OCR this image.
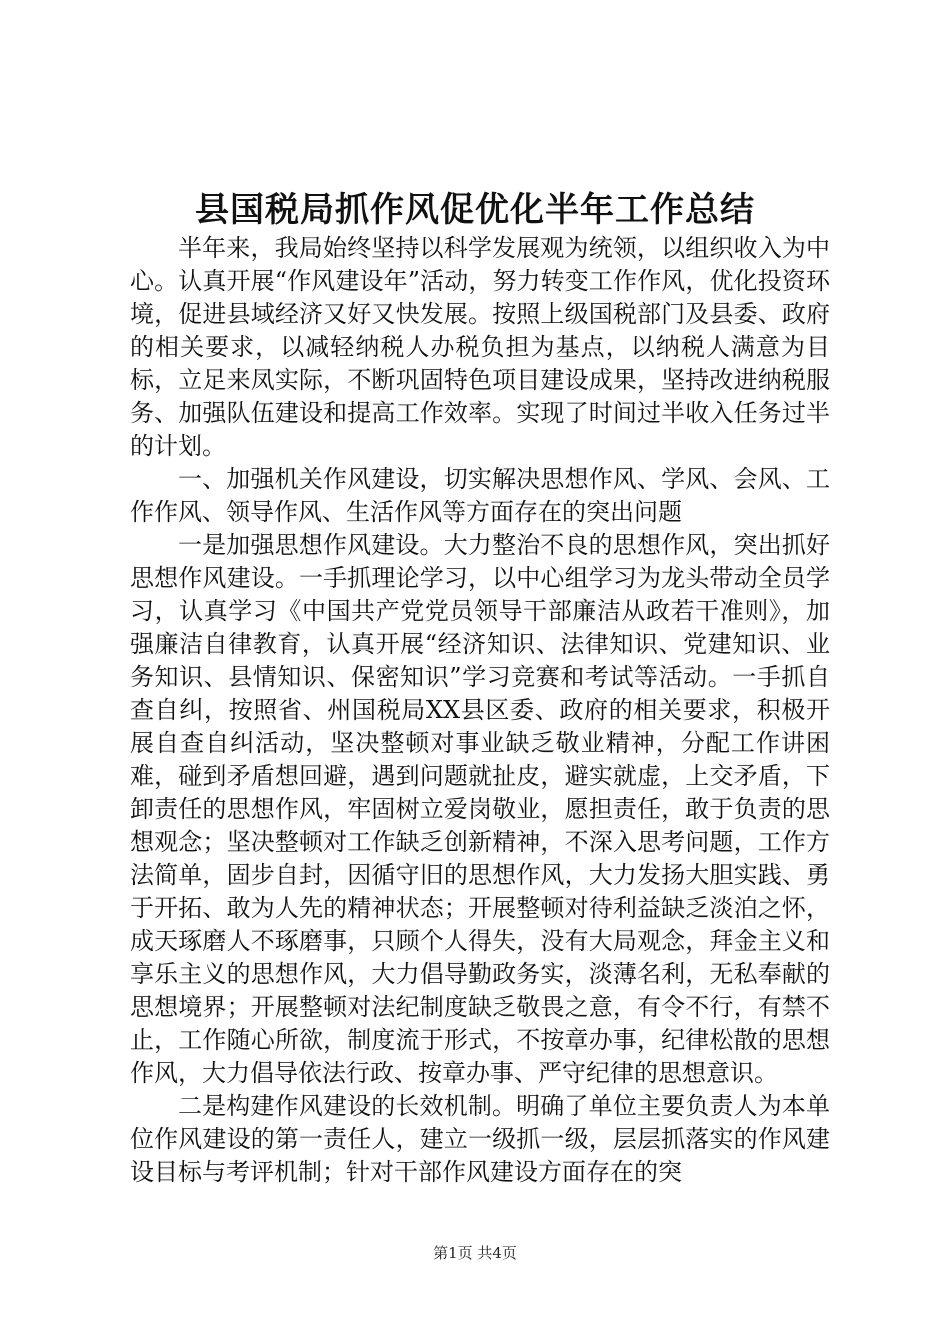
县国税局抓作风促优化半年工作总结

半年来，我局始终坚持以科学发展观为统领，以组织收入为中心。认真开展“作风建设年”活动，努力转变工作作风，优化投资环境，促进县域经济又好又快发展。按照上级国税部门及县委、政府的相关要求，以减轻纳税人办税负担为基点，以纳税人满意为目标，立足来凤实际，不断巩固特色项目建设成果，坚持改进纳税服务、加强队伍建设和提高工作效率。实现了时间过半收入任务过半的计划。

一、加强机关作风建设，切实解决思想作风、学风、会风、工作作风、领导作风、生活作风等方面存在的突出问题

一是加强思想作风建设。大力整治不良的思想作风，突出抓好思想作风建设。一手抓理论学习，以中心组学习为龙头带动全员学习，认真学习《中国共产党党员领导干部廉洁从政若干准则》，加强廉洁自律教育，认真开展“经济知识、法律知识、党建知识、业务知识、县情知识、保密知识”学习竞赛和考试等活动。一手抓自查自纠，按照省、州国税局XX县区委、政府的相关要求，积极开展自查自纠活动，坚决整顿对事业缺乏敬业精神，分配工作讲困难，碰到矛盾想回避，遇到问题就扯皮，避实就虚，上交矛盾，下卸责任的思想作风，牢固树立爱岗敬业，愿担责任，敢于负责的思想观念；坚决整顿对工作缺乏创新精神，不深入思考问题，工作方法简单，固步自封，因循守旧的思想作风，大力发扬大胆实践、勇于开拓、敢为人先的精神状态；开展整顿对待利益缺乏淡泊之怀，成天琢磨人不琢磨事，只顾个人得失，没有大局观念，拜金主义和享乐主义的思想作风，大力倡导勤政务实，淡薄名利，无私奉献的思想境界；开展整顿对法纪制度缺乏敬畏之意，有令不行，有禁不止，工作随心所欲，制度流于形式，不按章办事，纪律松散的思想作风，大力倡导依法行政、按章办事、严守纪律的思想意识。

二是构建作风建设的长效机制。明确了单位主要负责人为本单位作风建设的第一责任人，建立一级抓一级，层层抓落实的作风建设目标与考评机制；针对干部作风建设方面存在的突

第1页 共4页
